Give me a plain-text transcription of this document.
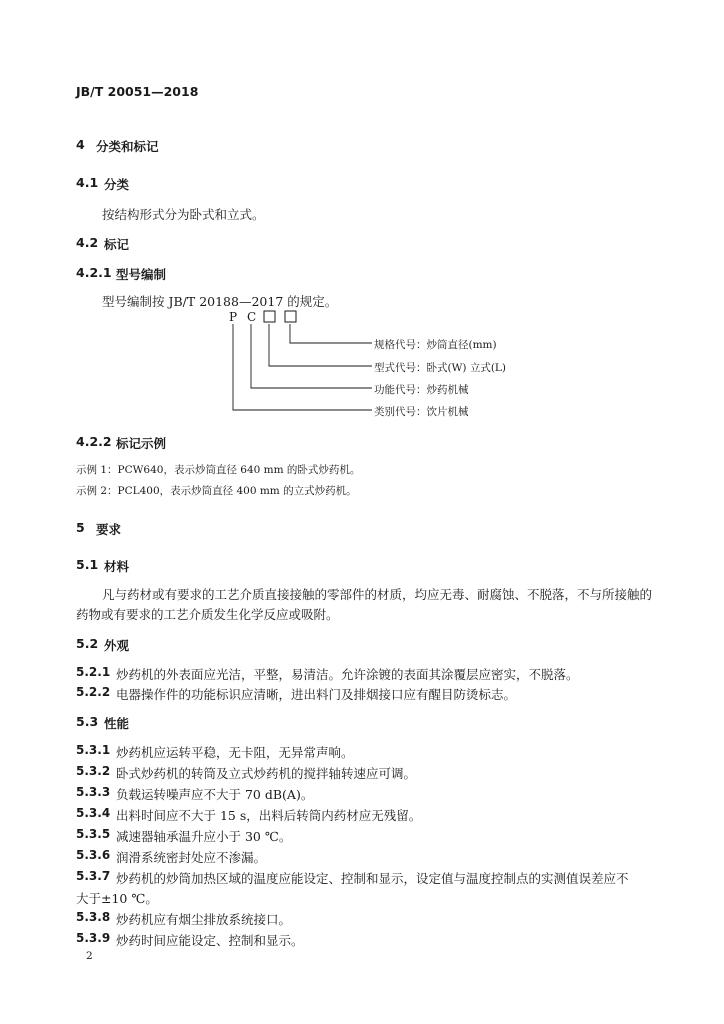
JB/T 20051—2018
4 分类和标记
4.1 分类
按结构形式分为卧式和立式。
4.2 标记
4.2.1 型号编制
型号编制按 JB/T 20188—2017 的规定。
P C
规格代号：炒筒直径(mm)
型式代号：卧式(W) 立式(L)
功能代号：炒药机械
类别代号：饮片机械
4.2.2 标记示例
示例 1：PCW640，表示炒筒直径 640 mm 的卧式炒药机。
示例 2：PCL400，表示炒筒直径 400 mm 的立式炒药机。
5 要求
5.1 材料
凡与药材或有要求的工艺介质直接接触的零部件的材质，均应无毒、耐腐蚀、不脱落，不与所接触的
药物或有要求的工艺介质发生化学反应或吸附。
5.2 外观
5.2.1 炒药机的外表面应光洁，平整，易清洁。允许涂镀的表面其涂覆层应密实，不脱落。
5.2.2 电器操作件的功能标识应清晰，进出料门及排烟接口应有醒目防烫标志。
5.3 性能
5.3.1 炒药机应运转平稳，无卡阻，无异常声响。
5.3.2 卧式炒药机的转筒及立式炒药机的搅拌轴转速应可调。
5.3.3 负载运转噪声应不大于 70 dB(A)。
5.3.4 出料时间应不大于 15 s，出料后转筒内药材应无残留。
5.3.5 减速器轴承温升应小于 30 ℃。
5.3.6 润滑系统密封处应不渗漏。
5.3.7 炒药机的炒筒加热区域的温度应能设定、控制和显示，设定值与温度控制点的实测值误差应不
大于±10 ℃。
5.3.8 炒药机应有烟尘排放系统接口。
5.3.9 炒药时间应能设定、控制和显示。
2
